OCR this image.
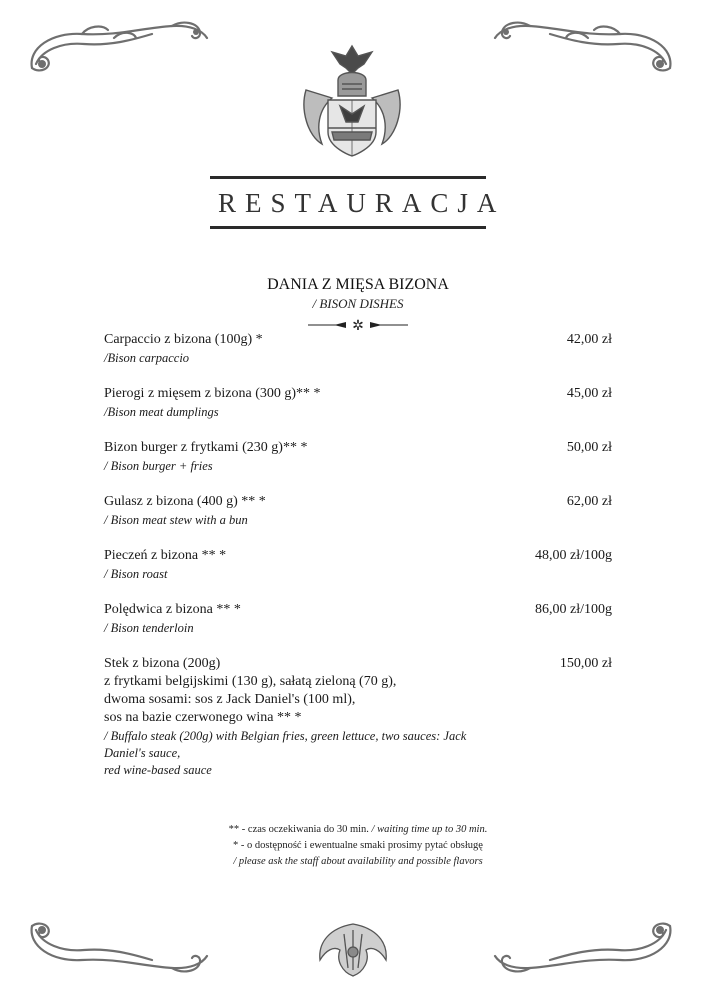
RESTAURACJA
DANIA Z MIĘSA BIZONA
/ BISON DISHES
✲
Carpaccio z bizona (100g) *
/Bison carpaccio
42,00 zł
Pierogi z mięsem z bizona (300 g)** *
/Bison meat dumplings
45,00 zł
Bizon burger z frytkami (230 g)** *
/ Bison burger + fries
50,00 zł
Gulasz z bizona (400 g) ** *
/ Bison meat stew with a bun
62,00 zł
Pieczeń z bizona ** *
/ Bison roast
48,00 zł/100g
Polędwica z bizona ** *
/ Bison tenderloin
86,00 zł/100g
Stek z bizona (200g)
z frytkami belgijskimi (130 g), sałatą zieloną (70 g),
dwoma sosami: sos z Jack Daniel's (100 ml),
sos na bazie czerwonego wina ** *
/ Buffalo steak (200g) with Belgian fries, green lettuce, two sauces: Jack Daniel's sauce,
red wine-based sauce
150,00 zł
** - czas oczekiwania do 30 min. / waiting time up to 30 min.
* - o dostępność i ewentualne smaki prosimy pytać obsługę
/ please ask the staff about availability and possible flavors
